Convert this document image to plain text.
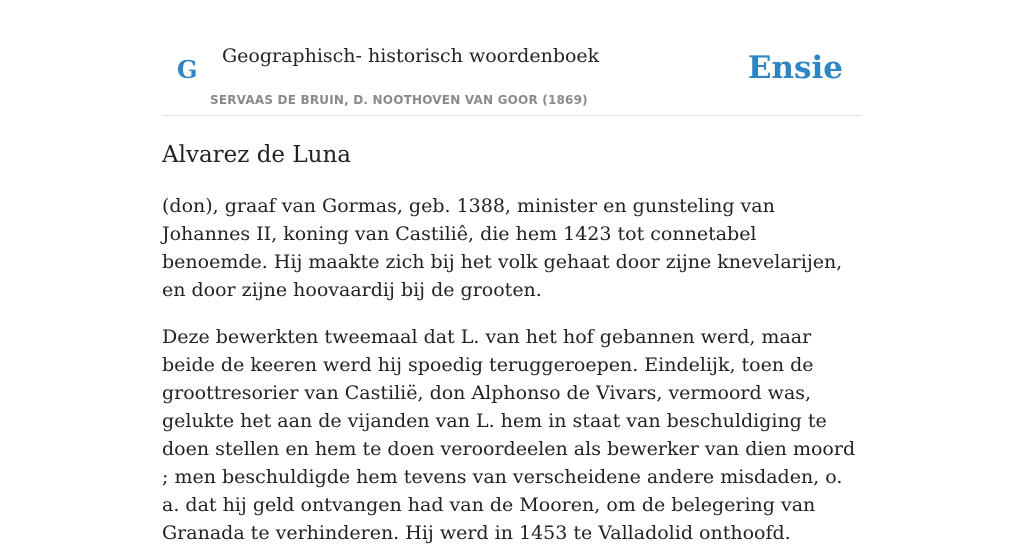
G Geographisch- historisch woordenboek
SERVAAS DE BRUIN, D. NOOTHOVEN VAN GOOR (1869)
Ensie
Alvarez de Luna

(don), graaf van Gormas, geb. 1388, minister en gunsteling van Johannes II, koning van Castiliê, die hem 1423 tot connetabel benoemde. Hij maakte zich bij het volk gehaat door zijne knevelarijen, en door zijne hoovaardij bij de grooten.

Deze bewerkten tweemaal dat L. van het hof gebannen werd, maar beide de keeren werd hij spoedig teruggeroepen. Eindelijk, toen de groottresorier van Castilië, don Alphonso de Vivars, vermoord was, gelukte het aan de vijanden van L. hem in staat van beschuldiging te doen stellen en hem te doen veroordeelen als bewerker van dien moord ; men beschuldigde hem tevens van verscheidene andere misdaden, o. a. dat hij geld ontvangen had van de Mooren, om de belegering van Granada te verhinderen. Hij werd in 1453 te Valladolid onthoofd.
